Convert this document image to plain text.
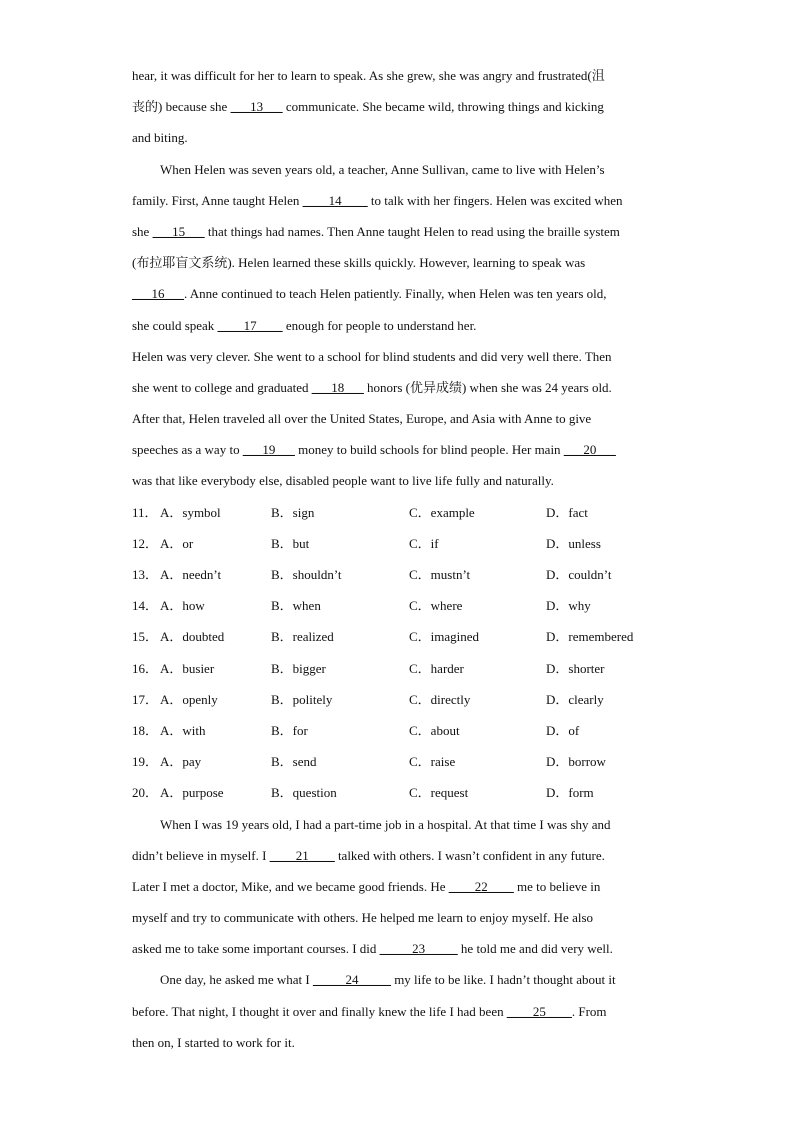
hear, it was difficult for her to learn to speak. As she grew, she was angry and frustrated(沮
丧的) because she ___13___ communicate. She became wild, throwing things and kicking
and biting.
When Helen was seven years old, a teacher, Anne Sullivan, came to live with Helen’s
family. First, Anne taught Helen ____14____ to talk with her fingers. Helen was excited when
she ___15___ that things had names. Then Anne taught Helen to read using the braille system
(布拉耶盲文系统). Helen learned these skills quickly. However, learning to speak was
___16___. Anne continued to teach Helen patiently. Finally, when Helen was ten years old,
she could speak ____17____ enough for people to understand her.
Helen was very clever. She went to a school for blind students and did very well there. Then
she went to college and graduated ___18___ honors (优异成绩) when she was 24 years old.
After that, Helen traveled all over the United States, Europe, and Asia with Anne to give
speeches as a way to ___19___ money to build schools for blind people. Her main ___20___
was that like everybody else, disabled people want to live life fully and naturally.
11． A．symbol	B．sign	C．example	D．fact
12． A．or	B．but	C．if	D．unless
13． A．needn’t	B．shouldn’t	C．mustn’t	D．couldn’t
14． A．how	B．when	C．where	D．why
15． A．doubted	B．realized	C．imagined	D．remembered
16． A．busier	B．bigger	C．harder	D．shorter
17． A．openly	B．politely	C．directly	D．clearly
18． A．with	B．for	C．about	D．of
19． A．pay	B．send	C．raise	D．borrow
20． A．purpose	B．question	C．request	D．form
When I was 19 years old, I had a part-time job in a hospital. At that time I was shy and
didn’t believe in myself. I ____21____ talked with others. I wasn’t confident in any future.
Later I met a doctor, Mike, and we became good friends. He ____22____ me to believe in
myself and try to communicate with others. He helped me learn to enjoy myself. He also
asked me to take some important courses. I did _____23_____ he told me and did very well.
One day, he asked me what I _____24_____ my life to be like. I hadn’t thought about it
before. That night, I thought it over and finally knew the life I had been ____25____. From
then on, I started to work for it.
